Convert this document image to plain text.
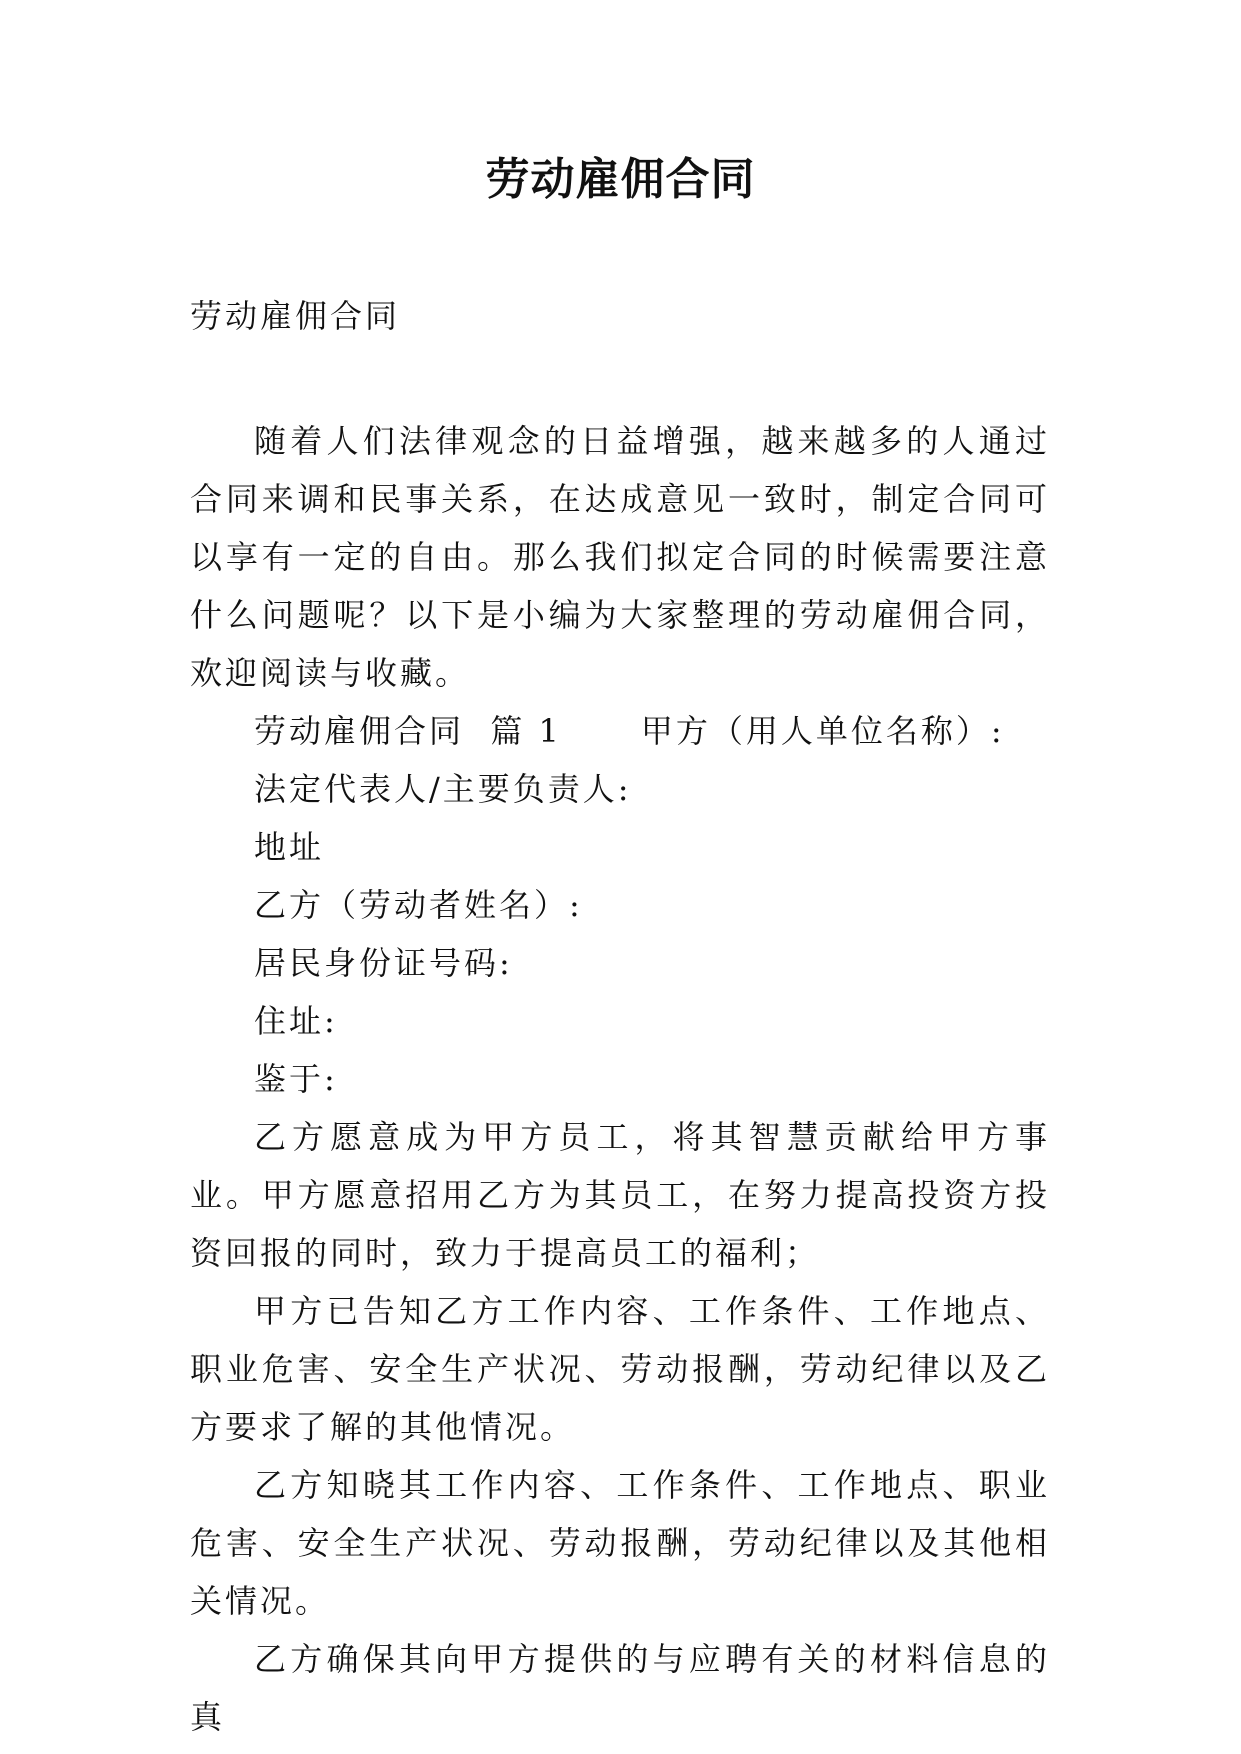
劳动雇佣合同

劳动雇佣合同

随着人们法律观念的日益增强，越来越多的人通过合同来调和民事关系，在达成意见一致时，制定合同可以享有一定的自由。那么我们拟定合同的时候需要注意什么问题呢？以下是小编为大家整理的劳动雇佣合同，欢迎阅读与收藏。

劳动雇佣合同  篇 1      甲方（用人单位名称）:

法定代表人/主要负责人:

地址

乙方（劳动者姓名）:

居民身份证号码:

住址:

鉴于:

乙方愿意成为甲方员工，将其智慧贡献给甲方事业。甲方愿意招用乙方为其员工，在努力提高投资方投资回报的同时，致力于提高员工的福利；

甲方已告知乙方工作内容、工作条件、工作地点、职业危害、安全生产状况、劳动报酬，劳动纪律以及乙方要求了解的其他情况。

乙方知晓其工作内容、工作条件、工作地点、职业危害、安全生产状况、劳动报酬，劳动纪律以及其他相关情况。

乙方确保其向甲方提供的与应聘有关的材料信息的真
